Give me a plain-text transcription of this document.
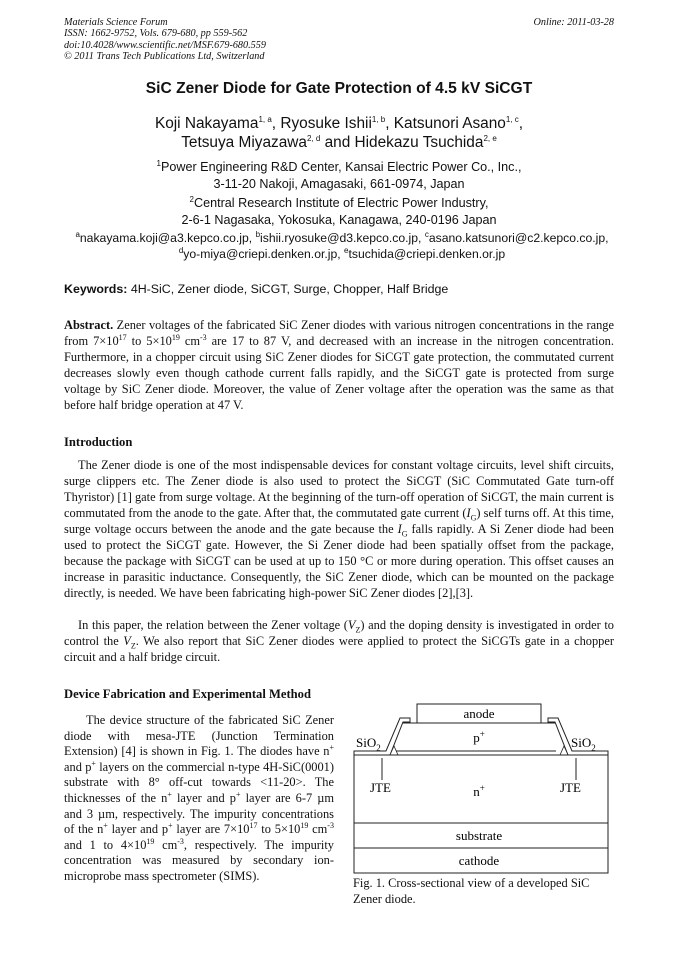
Materials Science Forum
ISSN: 1662-9752, Vols. 679-680, pp 559-562
doi:10.4028/www.scientific.net/MSF.679-680.559
© 2011 Trans Tech Publications Ltd, Switzerland
Online: 2011-03-28
SiC Zener Diode for Gate Protection of 4.5 kV SiCGT
Koji Nakayama$^{1, a}$, Ryosuke Ishii$^{1, b}$, Katsunori Asano$^{1, c}$,
Tetsuya Miyazawa$^{2, d}$ and Hidekazu Tsuchida$^{2, e}$
$^1$Power Engineering R&D Center, Kansai Electric Power Co., Inc.,
3-11-20 Nakoji, Amagasaki, 661-0974, Japan
$^2$Central Research Institute of Electric Power Industry,
2-6-1 Nagasaka, Yokosuka, Kanagawa, 240-0196 Japan
$^a$nakayama.koji@a3.kepco.co.jp, $^b$ishii.ryosuke@d3.kepco.co.jp, $^c$asano.katsunori@c2.kepco.co.jp,
$^d$yo-miya@criepi.denken.or.jp, $^e$tsuchida@criepi.denken.or.jp
Keywords: 4H-SiC, Zener diode, SiCGT, Surge, Chopper, Half Bridge
Abstract. Zener voltages of the fabricated SiC Zener diodes with various nitrogen concentrations in the range from $7\times 10^{17}$ to $5\times 10^{19}$ $cm^{-3}$ are 17 to 87 V, and decreased with an increase in the nitrogen concentration. Furthermore, in a chopper circuit using SiC Zener diodes for SiCGT gate protection, the commutated current decreases slowly even though cathode current falls rapidly, and the SiCGT gate is protected from surge voltage by SiC Zener diode. Moreover, the value of Zener voltage after the operation was the same as that before half bridge operation at 47 V.
Introduction
The Zener diode is one of the most indispensable devices for constant voltage circuits, level shift circuits, surge clippers etc. The Zener diode is also used to protect the SiCGT (SiC Commutated Gate turn-off Thyristor) [1] gate from surge voltage. At the beginning of the turn-off operation of SiCGT, the main current is commutated from the anode to the gate. After that, the commutated gate current $(I_G)$ self turns off. At this time, surge voltage occurs between the anode and the gate because the $I_G$ falls rapidly. A Si Zener diode had been used to protect the SiCGT gate. However, the Si Zener diode had been spatially offset from the package, because the package with SiCGT can be used at up to 150 °C or more during operation. This offset causes an increase in parasitic inductance. Consequently, the SiC Zener diode, which can be mounted on the package directly, is needed. We have been fabricating high-power SiC Zener diodes [2],[3].
In this paper, the relation between the Zener voltage $(V_Z)$ and the doping density is investigated in order to control the $V_Z$. We also report that SiC Zener diodes were applied to protect the SiCGTs gate in a chopper circuit and a half bridge circuit.
Device Fabrication and Experimental Method
The device structure of the fabricated SiC Zener diode with mesa-JTE (Junction Termination Extension) [4] is shown in Fig. 1. The diodes have n+ and p+ layers on the commercial n-type 4H-SiC(0001) substrate with 8° off-cut towards <11-20>. The thicknesses of the n+ layer and p+ layer are 6-7 µm and 3 µm, respectively. The impurity concentrations of the n+ layer and p+ layer are $7\times 10^{17}$ to $5\times 10^{19}$ $cm^{-3}$ and 1 to $4\times 10^{19}$ $cm^{-3}$, respectively. The impurity concentration was measured by secondary ion-microprobe mass spectrometer (SIMS).
anode
p+
SiO$_2$	SiO$_2$
JTE	JTE
n+
substrate
cathode
Fig. 1. Cross-sectional view of a developed SiC Zener diode.
